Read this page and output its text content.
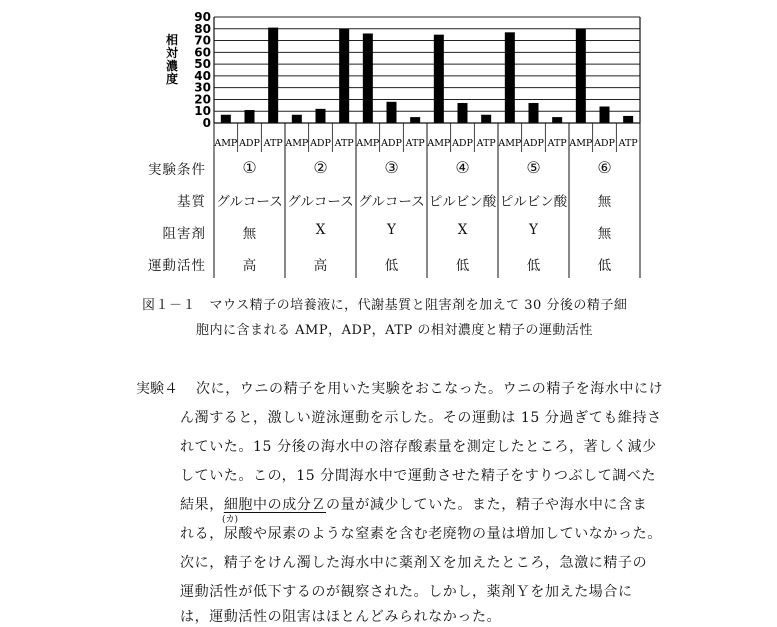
0
10
20
30
40
50
60
70
80
90
AMP ADP ATP AMP ADP ATP AMP ADP ATP AMP ADP ATP AMP ADP ATP AMP ADP ATP
相
対
濃
度
実験条件	①	②	③	④	⑤	⑥
基質 グルコース グルコース グルコース ピルビン酸 ピルビン酸	無
阻害剤	無	X	Y	X	Y	無
運動活性	高	高	低	低	低	低
図１－１　マウス精子の培養液に，代謝基質と阻害剤を加えて 30 分後の精子細
胞内に含まれる AMP，ADP，ATP の相対濃度と精子の運動活性
実験４ 次に，ウニの精子を用いた実験をおこなった。ウニの精子を海水中にけ
ん濁すると，激しい遊泳運動を示した。その運動は 15 分過ぎても維持さ
れていた。15 分後の海水中の溶存酸素量を測定したところ，著しく減少
していた。この，15 分間海水中で運動させた精子をすりつぶして調べた
結果，細胞中の成分Ｚの量が減少していた。また，精子や海水中に含ま
(カ)
れる，尿酸や尿素のような窒素を含む老廃物の量は増加していなかった。
次に，精子をけん濁した海水中に薬剤Ｘを加えたところ，急激に精子の
運動活性が低下するのが観察された。しかし，薬剤Ｙを加えた場合に
は，運動活性の阻害はほとんどみられなかった。
